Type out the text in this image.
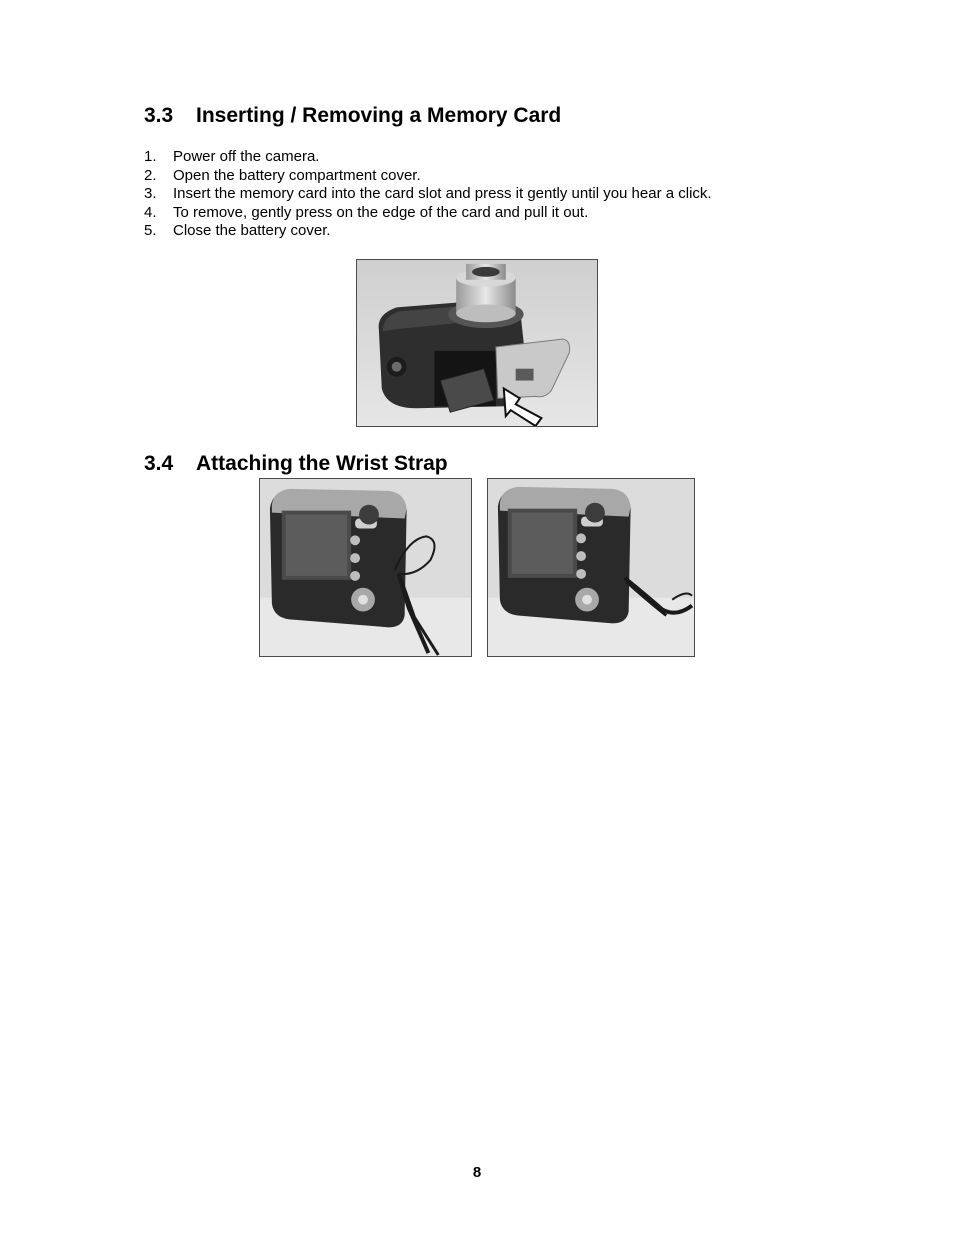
3.3 Inserting / Removing a Memory Card
1. Power off the camera.
2. Open the battery compartment cover.
3. Insert the memory card into the card slot and press it gently until you hear a click.
4. To remove, gently press on the edge of the card and pull it out.
5. Close the battery cover.
3.4 Attaching the Wrist Strap
8
